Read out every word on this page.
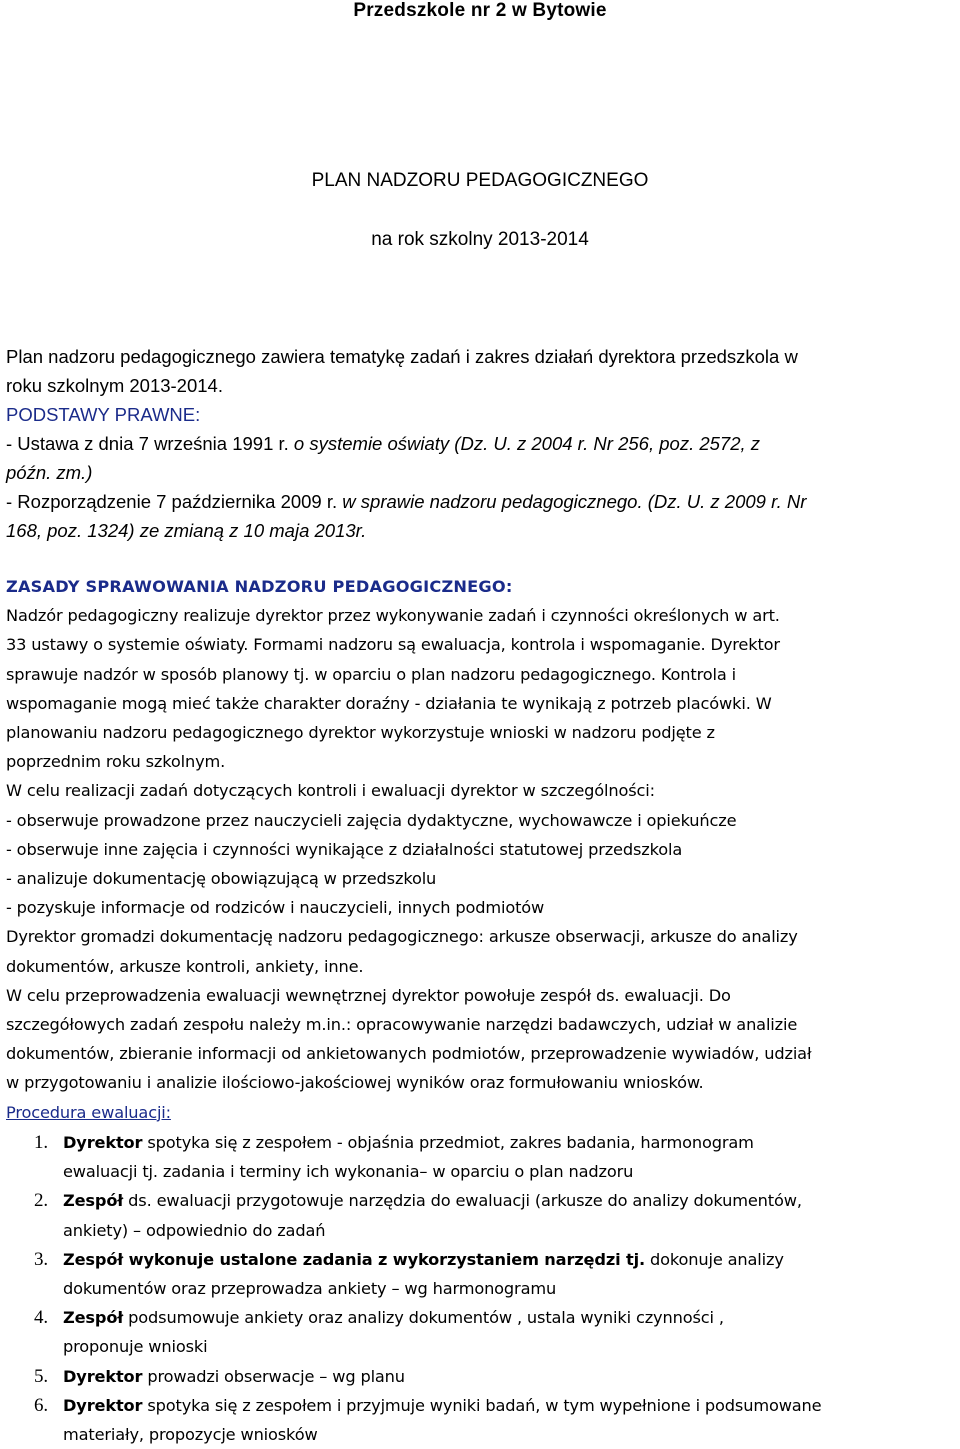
Przedszkole nr 2 w Bytowie
PLAN NADZORU PEDAGOGICZNEGO
na rok szkolny 2013-2014
Plan nadzoru pedagogicznego zawiera tematykę zadań i zakres działań dyrektora przedszkola w
roku szkolnym 2013-2014.
PODSTAWY PRAWNE:
- Ustawa z dnia 7 września 1991 r. o systemie oświaty (Dz. U. z 2004 r. Nr 256, poz. 2572, z
późn. zm.)
- Rozporządzenie 7 października 2009 r. w sprawie nadzoru pedagogicznego. (Dz. U. z 2009 r. Nr
168, poz. 1324) ze zmianą z 10 maja 2013r.
ZASADY SPRAWOWANIA NADZORU PEDAGOGICZNEGO:
Nadzór pedagogiczny realizuje dyrektor przez wykonywanie zadań i czynności określonych w art.
33 ustawy o systemie oświaty. Formami nadzoru są ewaluacja, kontrola i wspomaganie. Dyrektor
sprawuje nadzór w sposób planowy tj. w oparciu o plan nadzoru pedagogicznego. Kontrola i
wspomaganie mogą mieć także charakter doraźny - działania te wynikają z potrzeb placówki. W
planowaniu nadzoru pedagogicznego dyrektor wykorzystuje wnioski w nadzoru podjęte z
poprzednim roku szkolnym.
W celu realizacji zadań dotyczących kontroli i ewaluacji dyrektor w szczególności:
- obserwuje prowadzone przez nauczycieli zajęcia dydaktyczne, wychowawcze i opiekuńcze
- obserwuje inne zajęcia i czynności wynikające z działalności statutowej przedszkola
- analizuje dokumentację obowiązującą w przedszkolu
- pozyskuje informacje od rodziców i nauczycieli, innych podmiotów
Dyrektor gromadzi dokumentację nadzoru pedagogicznego: arkusze obserwacji, arkusze do analizy
dokumentów, arkusze kontroli, ankiety, inne.
W celu przeprowadzenia ewaluacji wewnętrznej dyrektor powołuje zespół ds. ewaluacji. Do
szczegółowych zadań zespołu należy m.in.: opracowywanie narzędzi badawczych, udział w analizie
dokumentów, zbieranie informacji od ankietowanych podmiotów, przeprowadzenie wywiadów, udział
w przygotowaniu i analizie ilościowo-jakościowej wyników oraz formułowaniu wniosków.
Procedura ewaluacji:
1. Dyrektor spotyka się z zespołem - objaśnia przedmiot, zakres badania, harmonogram
ewaluacji tj. zadania i terminy ich wykonania– w oparciu o plan nadzoru
2. Zespół ds. ewaluacji przygotowuje narzędzia do ewaluacji (arkusze do analizy dokumentów,
ankiety) – odpowiednio do zadań
3. Zespół wykonuje ustalone zadania z wykorzystaniem narzędzi tj. dokonuje analizy
dokumentów oraz przeprowadza ankiety – wg harmonogramu
4. Zespół podsumowuje ankiety oraz analizy dokumentów , ustala wyniki czynności ,
proponuje wnioski
5. Dyrektor prowadzi obserwacje – wg planu
6. Dyrektor spotyka się z zespołem i przyjmuje wyniki badań, w tym wypełnione i podsumowane
materiały, propozycje wniosków
